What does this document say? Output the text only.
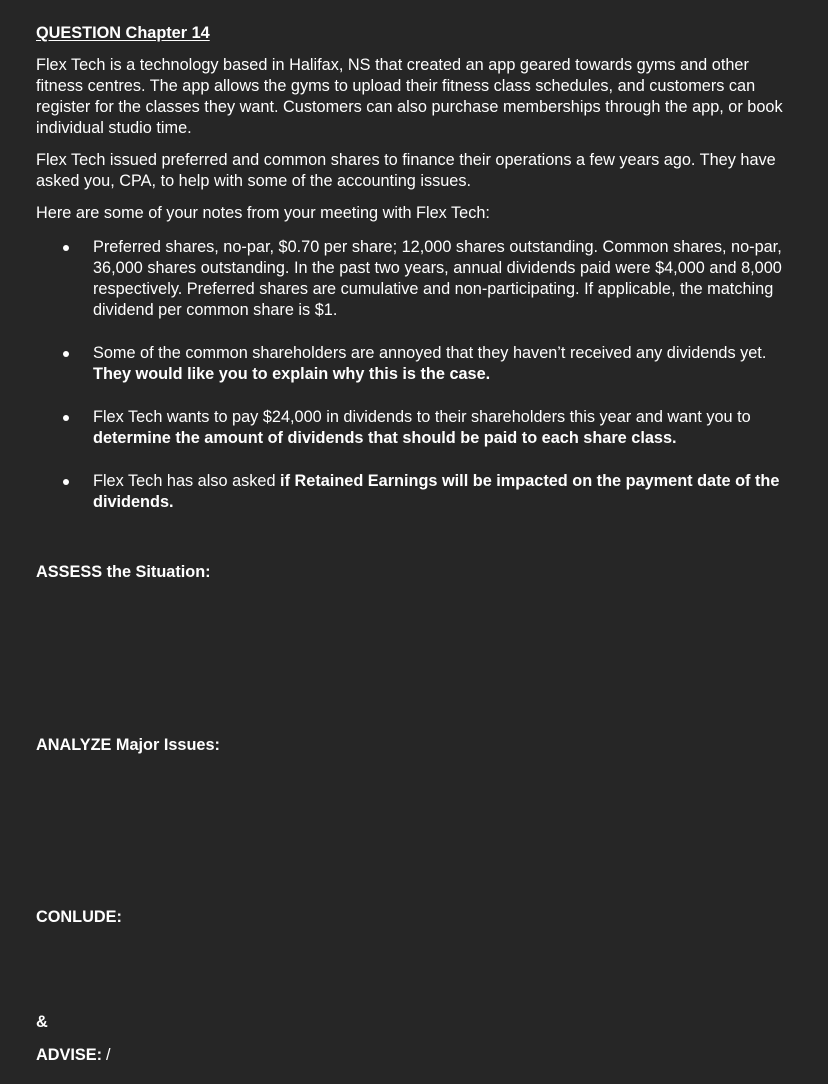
QUESTION Chapter 14
Flex Tech is a technology based in Halifax, NS that created an app geared towards gyms and other fitness centres. The app allows the gyms to upload their fitness class schedules, and customers can register for the classes they want. Customers can also purchase memberships through the app, or book individual studio time.
Flex Tech issued preferred and common shares to finance their operations a few years ago. They have asked you, CPA, to help with some of the accounting issues.
Here are some of your notes from your meeting with Flex Tech:
Preferred shares, no-par, $0.70 per share; 12,000 shares outstanding. Common shares, no-par, 36,000 shares outstanding. In the past two years, annual dividends paid were $4,000 and 8,000 respectively. Preferred shares are cumulative and non-participating. If applicable, the matching dividend per common share is $1.
Some of the common shareholders are annoyed that they haven’t received any dividends yet. They would like you to explain why this is the case.
Flex Tech wants to pay $24,000 in dividends to their shareholders this year and want you to determine the amount of dividends that should be paid to each share class.
Flex Tech has also asked if Retained Earnings will be impacted on the payment date of the dividends.
ASSESS the Situation:
ANALYZE Major Issues:
CONLUDE:
&
ADVISE: /
